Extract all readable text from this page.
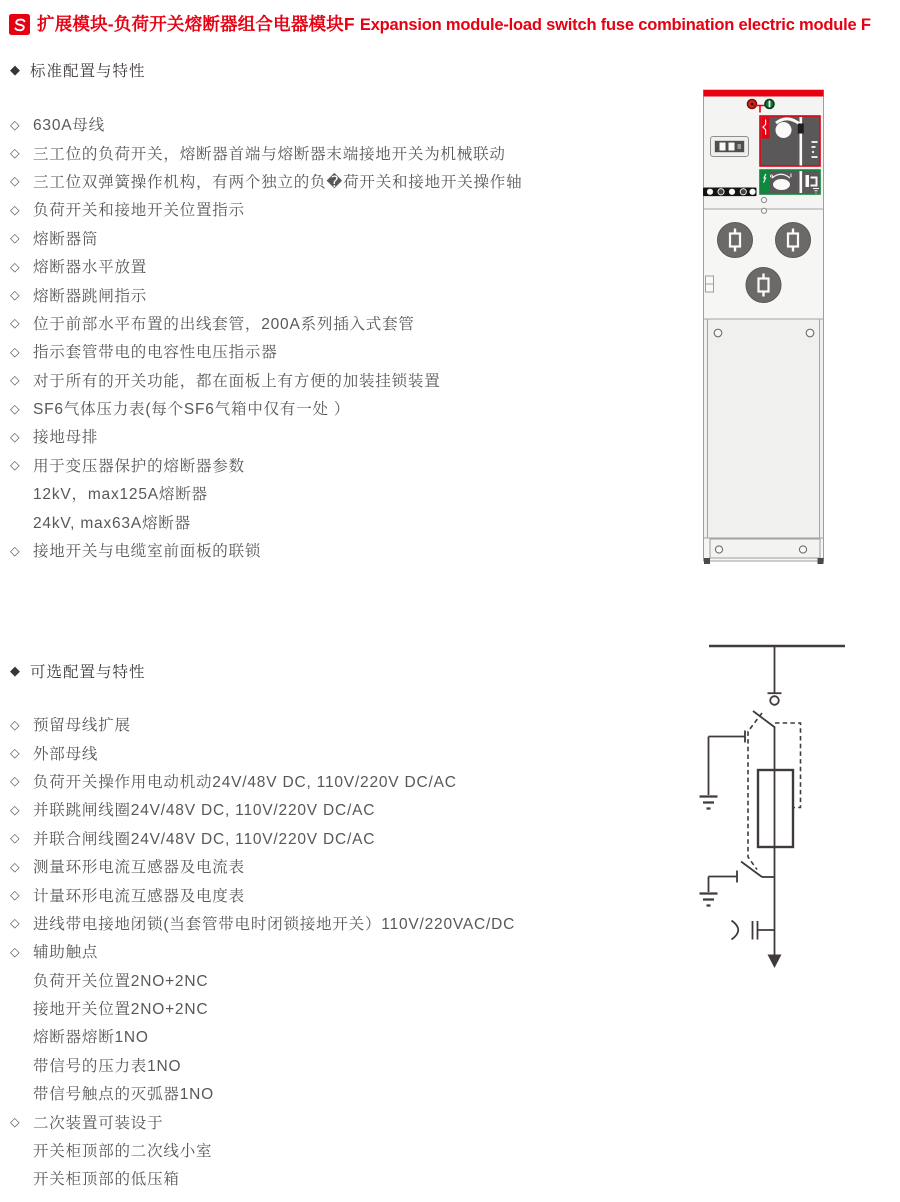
扩展模块-负荷开关熔断器组合电器模块F Expansion module-load switch fuse combination electric module F
◆ 标准配置与特性
◇ 630A母线
◇ 三工位的负荷开关，熔断器首端与熔断器末端接地开关为机械联动
◇ 三工位双弹簧操作机构，有两个独立的负�荷开关和接地开关操作轴
◇ 负荷开关和接地开关位置指示
◇ 熔断器筒
◇ 熔断器水平放置
◇ 熔断器跳闸指示
◇ 位于前部水平布置的出线套管，200A系列插入式套管
◇ 指示套管带电的电容性电压指示器
◇ 对于所有的开关功能，都在面板上有方便的加装挂锁装置
◇ SF6气体压力表(每个SF6气箱中仅有一处 ）
◇ 接地母排
◇ 用于变压器保护的熔断器参数
12kV，max125A熔断器
24kV, max63A熔断器
◇ 接地开关与电缆室前面板的联锁
◆ 可选配置与特性
◇ 预留母线扩展
◇ 外部母线
◇ 负荷开关操作用电动机动24V/48V DC, 110V/220V DC/AC
◇ 并联跳闸线圈24V/48V DC, 110V/220V DC/AC
◇ 并联合闸线圈24V/48V DC, 110V/220V DC/AC
◇ 测量环形电流互感器及电流表
◇ 计量环形电流互感器及电度表
◇ 进线带电接地闭锁(当套管带电时闭锁接地开关）110V/220VAC/DC
◇ 辅助触点
负荷开关位置2NO+2NC
接地开关位置2NO+2NC
熔断器熔断1NO
带信号的压力表1NO
带信号触点的灭弧器1NO
◇ 二次装置可装设于
开关柜顶部的二次线小室
开关柜顶部的低压箱
